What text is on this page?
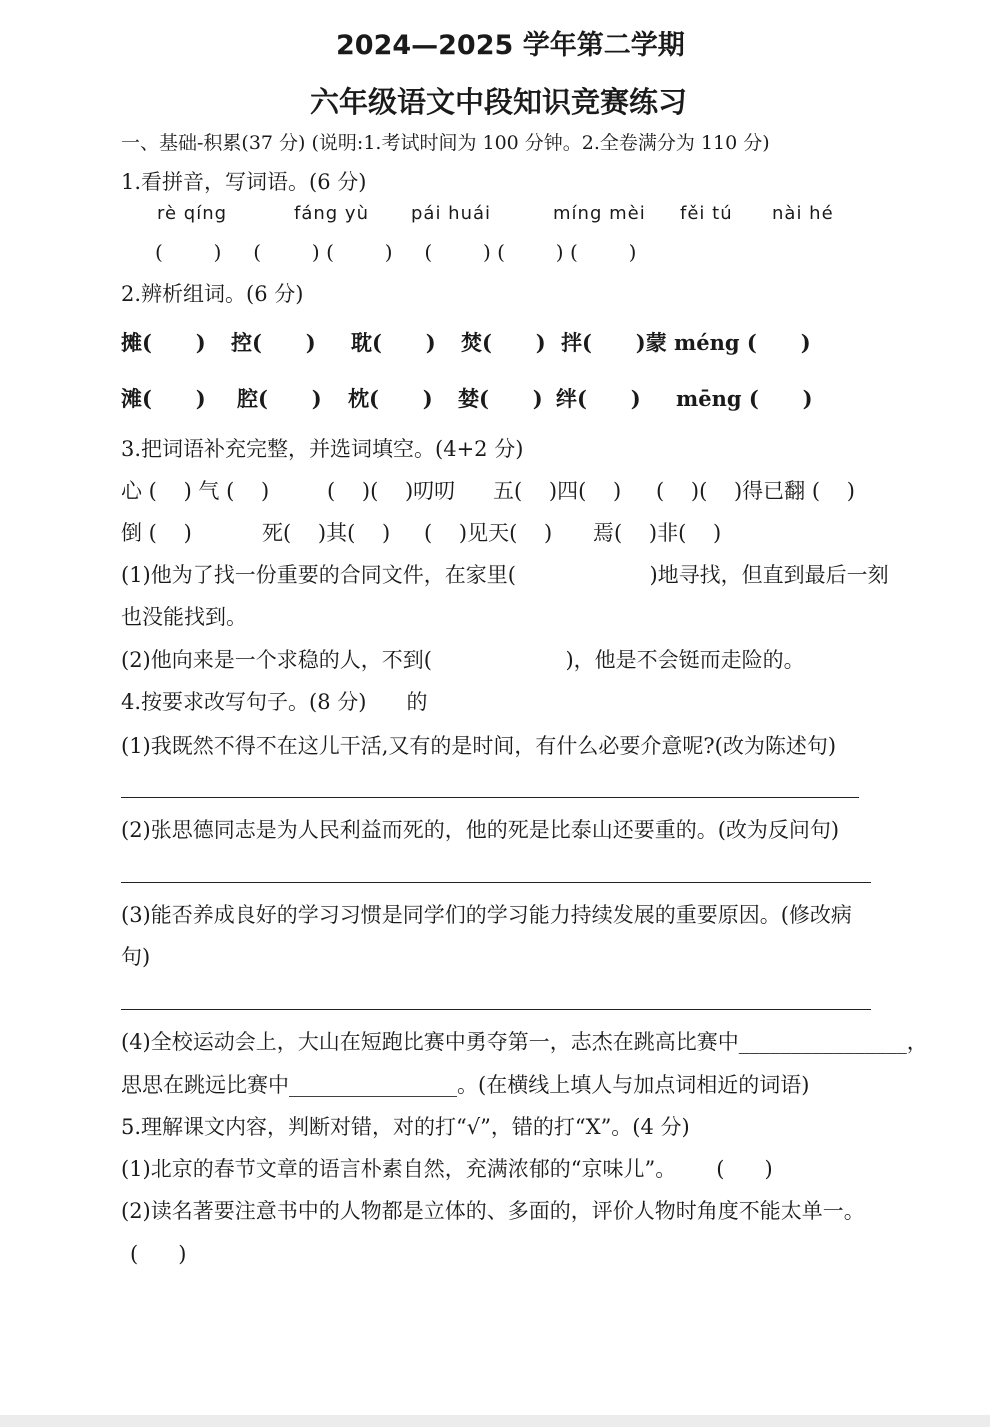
2024—2025 学年第二学期
六年级语文中段知识竞赛练习
一、基础-积累(37 分) (说明:1.考试时间为 100 分钟。2.全卷满分为 110 分)
1.看拼音，写词语。(6 分)
rè qíng	fáng yù pái huái	míng mèi fěi tú nài hé
(        )     (        ) (        )     (        ) (        ) (        )
2.辨析组词。(6 分)
摊(      ) 控(      ) 耽(      ) 焚(      ) 拌(      )蒙 méng (      )
滩(      ) 腔(      ) 枕(      ) 婪(      ) 绊(      ) mēng (      )
3.把词语补充完整，并选词填空。(4+2 分)
心 (    ) 气 (    )	(    )(    )叨叨 五(    )四(    ) (    )(    )得已翻 (    )
倒 (    )	死(    )其(    ) (    )见天(    ) 焉(    )非(    )
(1)他为了找一份重要的合同文件，在家里(                    )地寻找，但直到最后一刻
也没能找到。
(2)他向来是一个求稳的人，不到(                    )，他是不会铤而走险的。
4.按要求改写句子。(8 分)      的
(1)我既然不得不在这儿干活,又有的是时间，有什么必要介意呢?(改为陈述句)
(2)张思德同志是为人民利益而死的，他的死是比泰山还要重的。(改为反问句)
(3)能否养成良好的学习习惯是同学们的学习能力持续发展的重要原因。(修改病
句)
(4)全校运动会上，大山在短跑比赛中勇夺第一，志杰在跳高比赛中________________，
思思在跳远比赛中________________。(在横线上填人与加点词相近的词语)
5.理解课文内容，判断对错，对的打“√”，错的打“X”。(4 分)
(1)北京的春节文章的语言朴素自然，充满浓郁的“京味儿”。      (      )
(2)读名著要注意书中的人物都是立体的、多面的，评价人物时角度不能太单一。
(      )
